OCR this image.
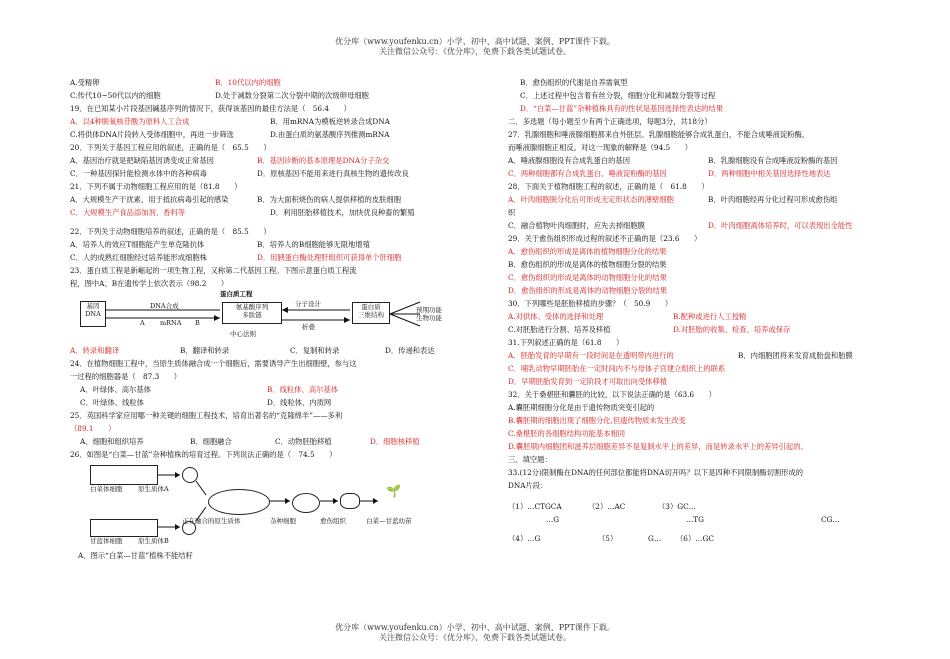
优分库（www.youfenku.cn）小学、初中、高中试题、案例、PPT课件下载。
关注微信公众号：《优分库》，免费下载各类试题试卷。
A.受精卵	B．10代以内的细胞
C.传代10~50代以内的细胞	D.处于减数分裂第二次分裂中期的次级卵母细胞
19．在已知某小片段基因碱基序列的情况下，获得该基因的最佳方法是（　56.4　　）
A．以4种脱氧核苷酸为原料人工合成	B．用mRNA为模板逆转录合成DNA
C.将供体DNA片段转入受体细胞中，再进一步筛选	D.由蛋白质的氨基酸序列推测mRNA
20．下列关于基因工程应用的叙述，正确的是（　65.5　　）
A．基因治疗就是把缺陷基因诱变成正常基因	B．基因诊断的基本原理是DNA分子杂交
C．一种基因探针能检测水体中的各种病毒	D．原核基因不能用来进行真核生物的遗传改良
21．下列不属于动物细胞工程应用的是（81.8　　）
A．大规模生产干扰素，用于抵抗病毒引起的感染	B．为大面积烧伤的病人提供移植的皮肤细胞
C．大规模生产食品添加剂、香料等	D．利用胚胎移植技术，加快优良种畜的繁殖
22．下列关于动物细胞培养的叙述，正确的是（　85.5　　）
A．培养人的效应T细胞能产生单克隆抗体	B．培养人的B细胞能够无限地增殖
C．人的成熟红细胞经过培养能形成细胞株	D．用胰蛋白酶处理肝组织可获得单个肝细胞
23．蛋白质工程是新崛起的一项生物工程，又称第二代基因工程。下图示意蛋白质工程流
程，图中A、B在遗传学上依次表示（98.2　　）
蛋白质工程
基因
DNA
DNA合成
A mRNA B
氨基酸序列
多肽链
中心法则
分子设计
折叠
蛋白质
三维结构
预期功能
生物功能
A．转录和翻译	B．翻译和转录	C．复制和转录	D．传递和表达
24．在植物细胞工程中，当原生质体融合成一个细胞后，需要诱导产生出细胞壁，参与这
一过程的细胞器是（　87.3　　）
A．叶绿体、高尔基体	B．线粒体、高尔基体
C．叶绿体、线粒体	D．线粒体、内质网
25．英国科学家应用哪一种关键的细胞工程技术，培育出著名的“克隆绵羊”——多利
（89.1　　）
A．细胞和组织培养	B．细胞融合	C．动物胚胎移植	D．细胞核移植
26．如图是“白菜—甘蓝”杂种植株的培育过程。下列说法正确的是（　74.5　　）
白菜体细胞 原生质体A	🌱
正在融合的原生质体	杂种细胞	愈伤组织	白菜—甘蓝幼苗
甘蓝体细胞 原生质体B
A．图示“白菜—甘蓝”植株不能结籽
B．愈伤组织的代谢是自养需氧型
C．上述过程中包含着有丝分裂，细胞分化和减数分裂等过程
D．“白菜—甘蓝”杂种植株具有的性状是基因选择性表达的结果
二．多选题（每小题至少有两个正确选项，每题3分，共18分）
27．乳腺细胞和唾液腺细胞都来自外胚层。乳腺细胞能够合成乳蛋白，不能合成唾液淀粉酶，
而唾液腺细胞正相反。对这一现象的解释是（94.5　　）
A．唾液腺细胞没有合成乳蛋白的基因	B．乳腺细胞没有合成唾液淀粉酶的基因
C．两种细胞都有合成乳蛋白、唾液淀粉酶的基因	D．两种细胞中相关基因选择性地表达
28．下面关于植物细胞工程的叙述，正确的是（　61.8　　）
A．叶肉细胞脱分化后可形成无定形状态的薄壁细胞	B．叶肉细胞经再分化过程可形成愈伤组
织
C．融合植物叶肉细胞时，应先去掉细胞膜	D．叶肉细胞离体培养时，可以表现出全能性
29．关于愈伤组织形成过程的叙述不正确的是（23.6　　）
A．愈伤组织的形成是离体的植物细胞分化的结果
B．愈伤组织的形成是离体的植物细胞分裂的结果
C．愈伤组织的形成是离体的动物细胞分化的结果
D．愈伤组织的形成是离体的动物细胞分裂的结果
30．下列哪些是胚胎移植的步骤？（　50.9　　）
A.对供体、受体的选择和处理	B.配种或进行人工授精
C.对胚胎进行分割、培养及移植	D.对胚胎的收集、检查、培养或保存
31.下列叙述正确的是（61.8　　）
A．胚胎发育的早期有一段时间是在透明带内进行的	B．内细胞团将来发育成胎盘和胎膜
C．哺乳动物早期胚胎在一定时间内不与母体子宫建立组织上的联系
D．早期胚胎发育到一定阶段才可取出向受体移植
32．关于桑椹胚和囊胚的比较，以下说法正确的是（63.6　　）
A.囊胚期细胞分化是由于遗传物质突变引起的
B.囊胚期的细胞出现了细胞分化,但遗传物质未发生改变
C.桑椹胚的各细胞结构功能基本相同
D.囊胚期内细胞团和滋养层细胞差异不是复制水平上的差异，而是转录水平上的差异引起的。
三、填空题：
33.(12分)限制酶在DNA的任何部位都能将DNA切开吗？以下是四种不同限制酶切割形成的
DNA片段：
（1）…CTGCA	（2）…AC	（3）GC…
…G	…TG	CG…
（4）…G	（5）	G…	（6）…GC
优分库（www.youfenku.cn）小学、初中、高中试题、案例、PPT课件下载。
关注微信公众号：《优分库》，免费下载各类试题试卷。
